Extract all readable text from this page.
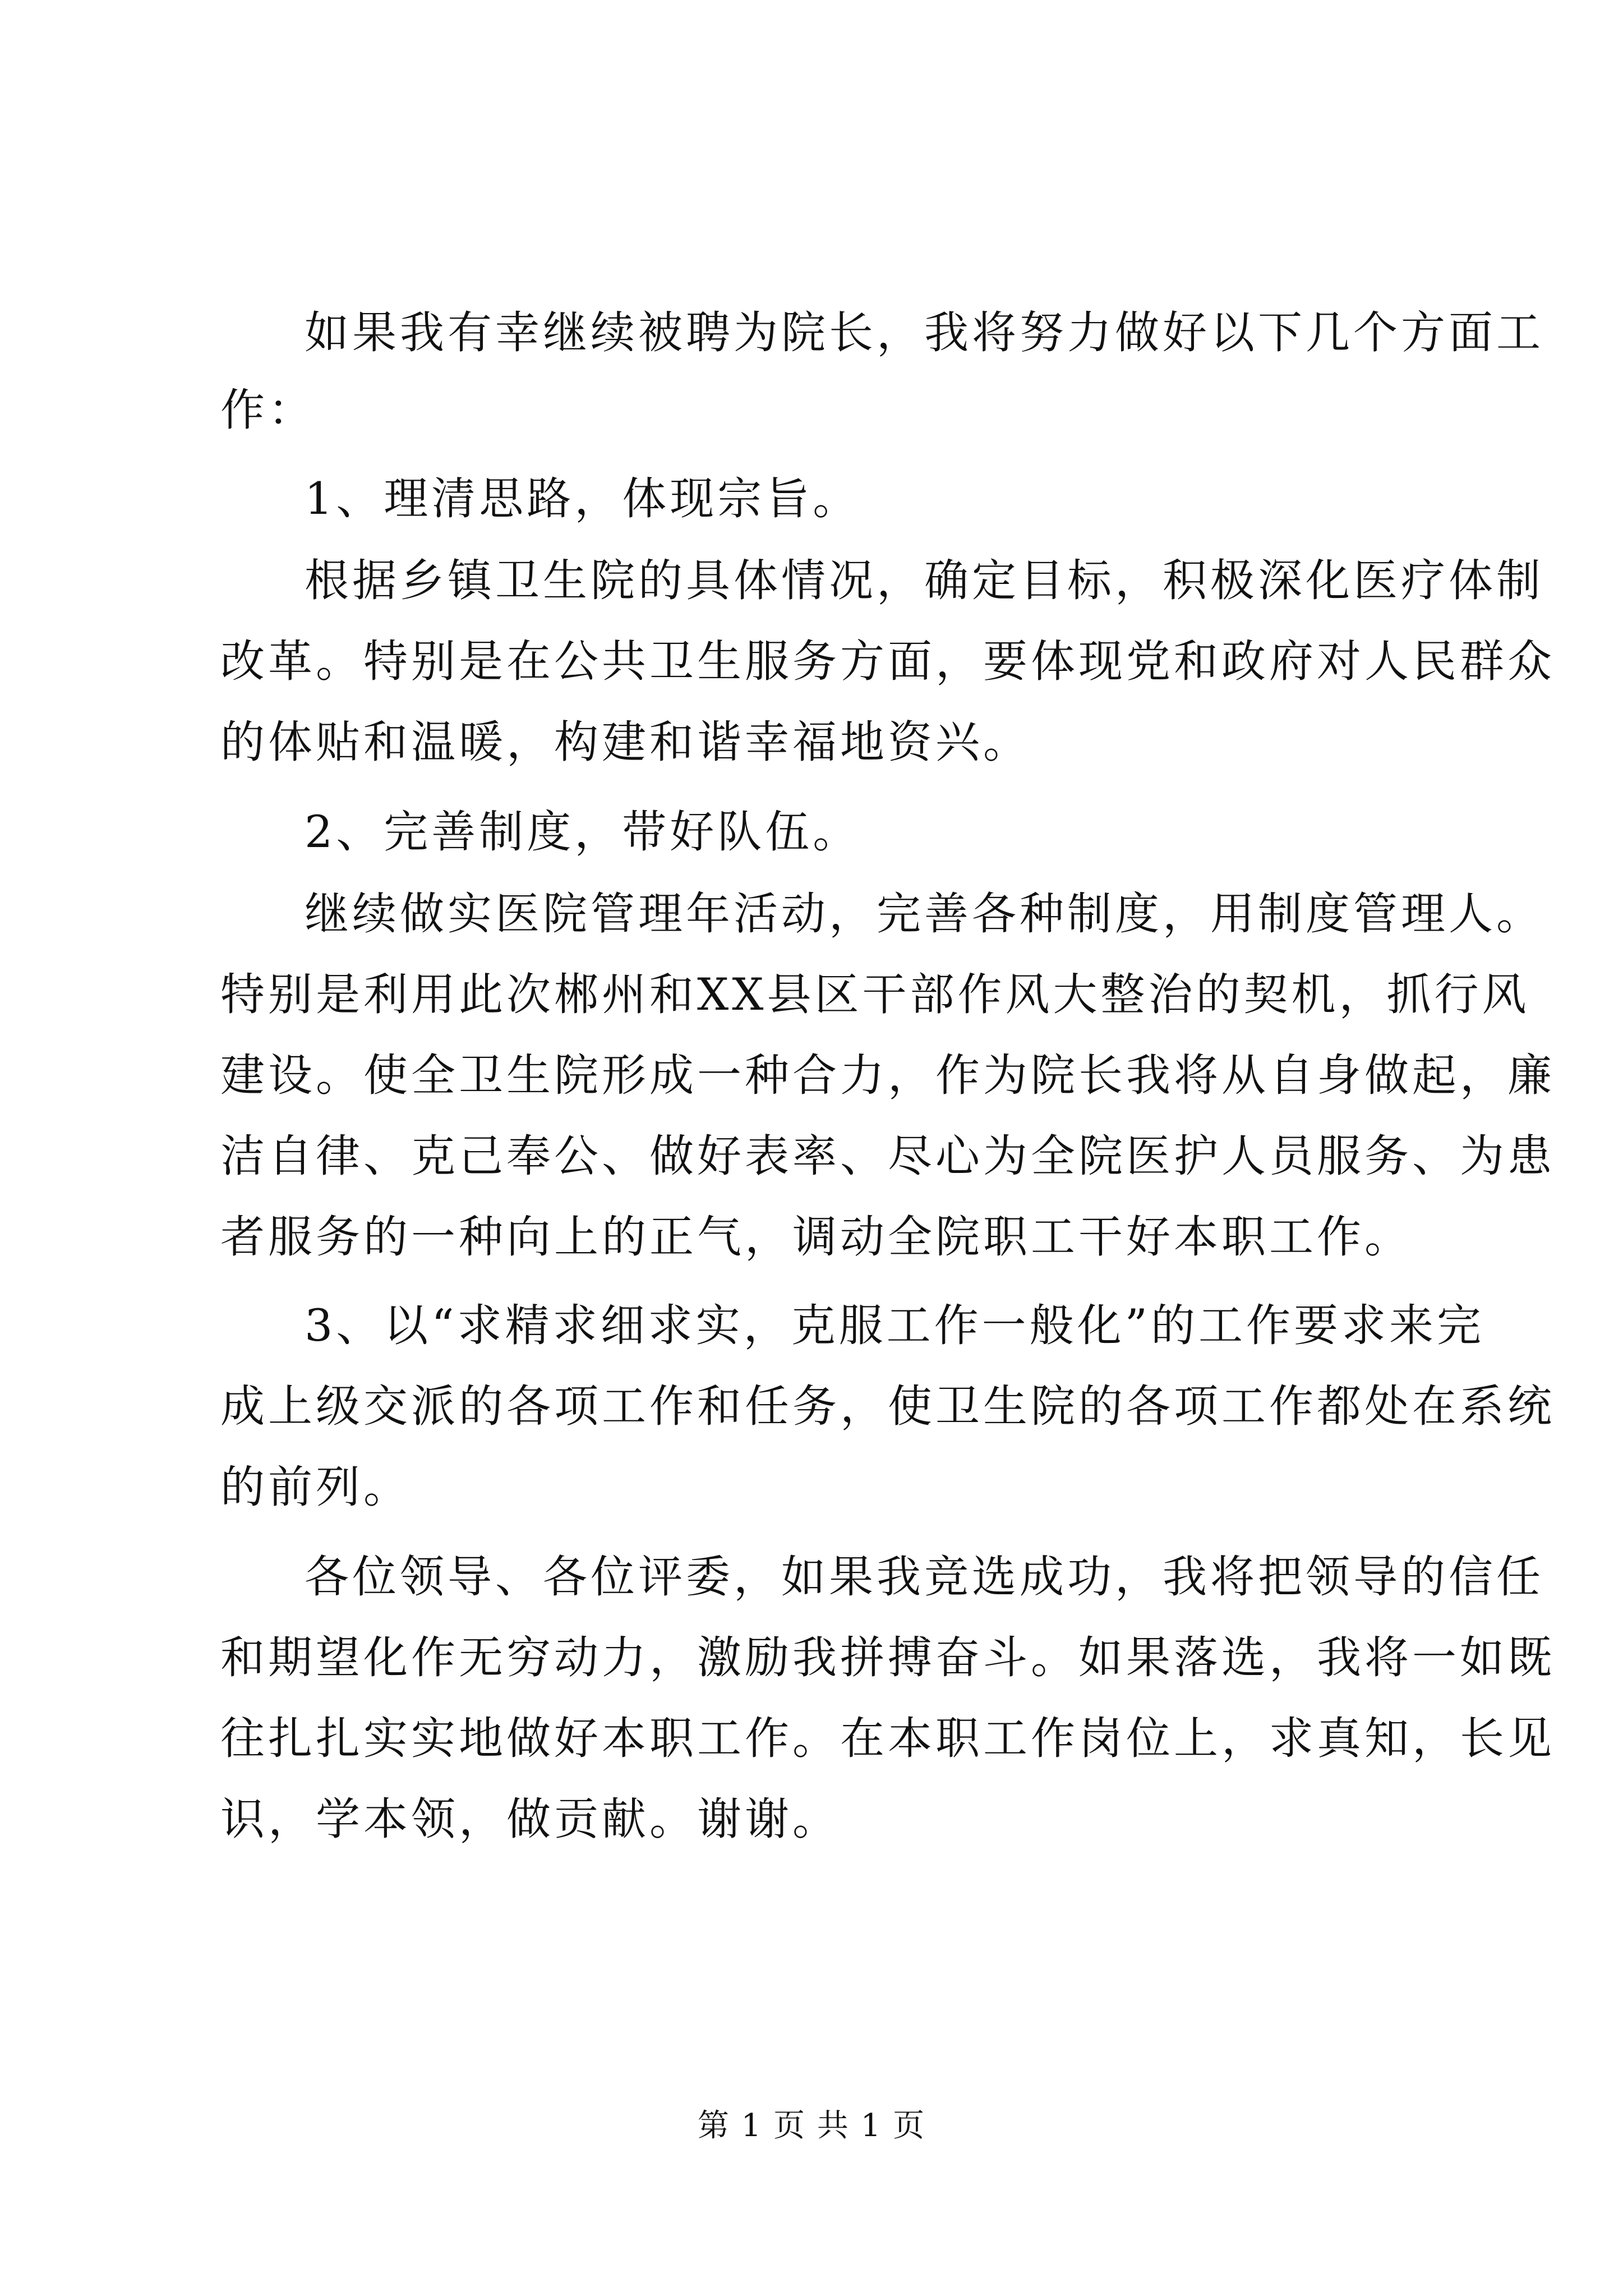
如果我有幸继续被聘为院长，我将努力做好以下几个方面工
作：
1、理清思路，体现宗旨。
根据乡镇卫生院的具体情况，确定目标，积极深化医疗体制
改革。特别是在公共卫生服务方面，要体现党和政府对人民群众
的体贴和温暖，构建和谐幸福地资兴。
2、完善制度，带好队伍。
继续做实医院管理年活动，完善各种制度，用制度管理人。
特别是利用此次郴州和XX县区干部作风大整治的契机，抓行风
建设。使全卫生院形成一种合力，作为院长我将从自身做起，廉
洁自律、克己奉公、做好表率、尽心为全院医护人员服务、为患
者服务的一种向上的正气，调动全院职工干好本职工作。
3、以“求精求细求实，克服工作一般化”的工作要求来完
成上级交派的各项工作和任务，使卫生院的各项工作都处在系统
的前列。
各位领导、各位评委，如果我竞选成功，我将把领导的信任
和期望化作无穷动力，激励我拼搏奋斗。如果落选，我将一如既
往扎扎实实地做好本职工作。在本职工作岗位上，求真知，长见
识，学本领，做贡献。谢谢。
第 1 页 共 1 页
